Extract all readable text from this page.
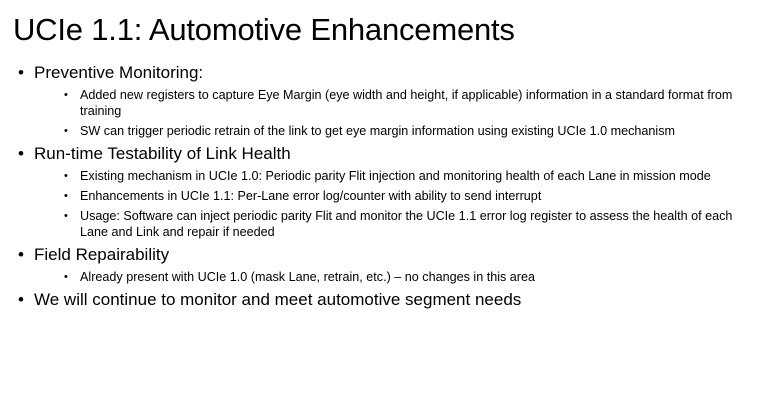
UCIe 1.1: Automotive Enhancements
• Preventive Monitoring:
• Added new registers to capture Eye Margin (eye width and height, if applicable) information in a standard format from training
• SW can trigger periodic retrain of the link to get eye margin information using existing UCIe 1.0 mechanism
• Run-time Testability of Link Health
• Existing mechanism in UCIe 1.0: Periodic parity Flit injection and monitoring health of each Lane in mission mode
• Enhancements in UCIe 1.1: Per-Lane error log/counter with ability to send interrupt
• Usage: Software can inject periodic parity Flit and monitor the UCIe 1.1 error log register to assess the health of each Lane and Link and repair if needed
• Field Repairability
• Already present with UCIe 1.0 (mask Lane, retrain, etc.) – no changes in this area
• We will continue to monitor and meet automotive segment needs
